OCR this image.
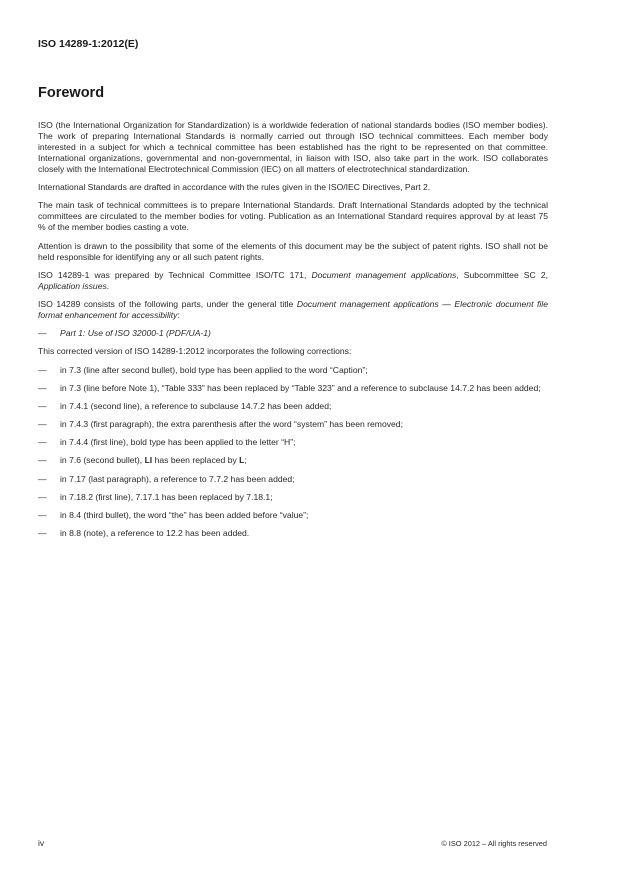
ISO 14289-1:2012(E)
Foreword

ISO (the International Organization for Standardization) is a worldwide federation of national standards bodies (ISO member bodies). The work of preparing International Standards is normally carried out through ISO technical committees. Each member body interested in a subject for which a technical committee has been established has the right to be represented on that committee. International organizations, governmental and non-governmental, in liaison with ISO, also take part in the work. ISO collaborates closely with the International Electrotechnical Commission (IEC) on all matters of electrotechnical standardization.

International Standards are drafted in accordance with the rules given in the ISO/IEC Directives, Part 2.

The main task of technical committees is to prepare International Standards. Draft International Standards adopted by the technical committees are circulated to the member bodies for voting. Publication as an International Standard requires approval by at least 75 % of the member bodies casting a vote.

Attention is drawn to the possibility that some of the elements of this document may be the subject of patent rights. ISO shall not be held responsible for identifying any or all such patent rights.

ISO 14289-1 was prepared by Technical Committee ISO/TC 171, Document management applications, Subcommittee SC 2, Application issues.

ISO 14289 consists of the following parts, under the general title Document management applications — Electronic document file format enhancement for accessibility:

—	Part 1: Use of ISO 32000-1 (PDF/UA-1)

This corrected version of ISO 14289-1:2012 incorporates the following corrections:

—	in 7.3 (line after second bullet), bold type has been applied to the word “Caption”;
—	in 7.3 (line before Note 1), “Table 333” has been replaced by “Table 323” and a reference to subclause 14.7.2 has been added;
—	in 7.4.1 (second line), a reference to subclause 14.7.2 has been added;
—	in 7.4.3 (first paragraph), the extra parenthesis after the word “system” has been removed;
—	in 7.4.4 (first line), bold type has been applied to the letter “H”;
—	in 7.6 (second bullet), LI has been replaced by L;
—	in 7.17 (last paragraph), a reference to 7.7.2 has been added;
—	in 7.18.2 (first line), 7.17.1 has been replaced by 7.18.1;
—	in 8.4 (third bullet), the word “the” has been added before “value”;
—	in 8.8 (note), a reference to 12.2 has been added.
iv	© ISO 2012 – All rights reserved
